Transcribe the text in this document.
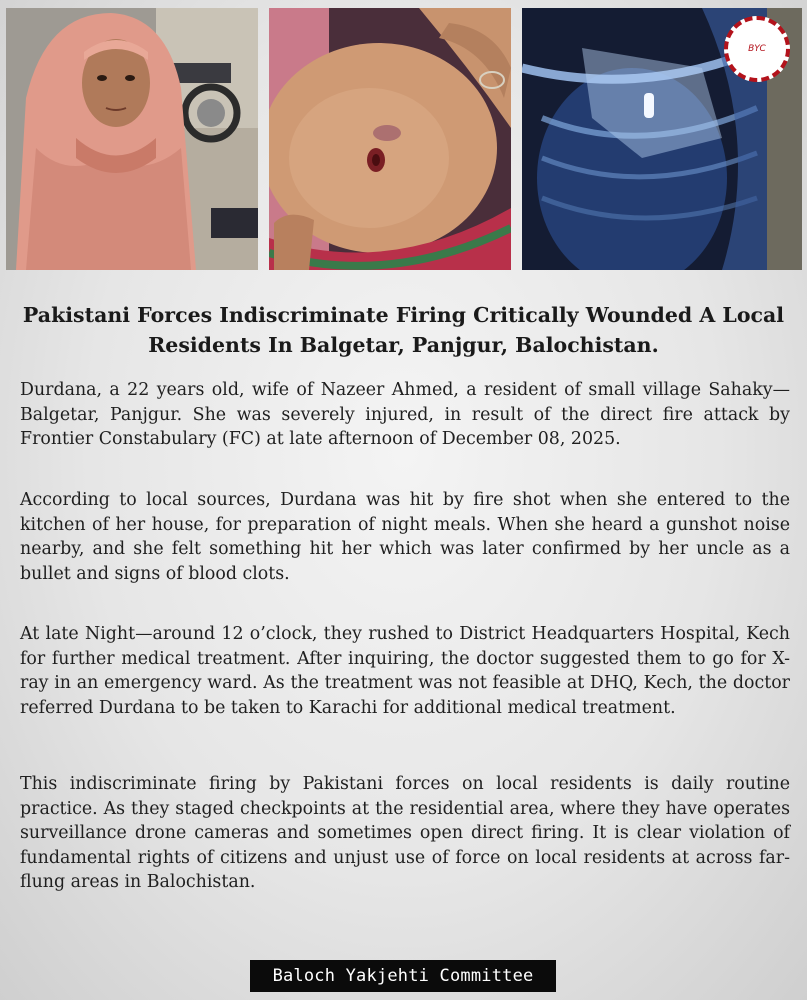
BYC
Pakistani Forces Indiscriminate Firing Critically Wounded A Local Residents In Balgetar, Panjgur, Balochistan.

Durdana, a 22 years old, wife of Nazeer Ahmed, a resident of small village Sahaky—Balgetar, Panjgur. She was severely injured, in result of the direct fire attack by Frontier Constabulary (FC) at late afternoon of December 08, 2025.

According to local sources, Durdana was hit by fire shot when she entered to the kitchen of her house, for preparation of night meals. When she heard a gunshot noise nearby, and she felt something hit her which was later confirmed by her uncle as a bullet and signs of blood clots.

At late Night—around 12 o’clock, they rushed to District Headquarters Hospital, Kech for further medical treatment. After inquiring, the doctor suggested them to go for X-ray in an emergency ward. As the treatment was not feasible at DHQ, Kech, the doctor referred Durdana to be taken to Karachi for additional medical treatment.

This indiscriminate firing by Pakistani forces on local residents is daily routine practice. As they staged checkpoints at the residential area, where they have operates surveillance drone cameras and sometimes open direct firing. It is clear violation of fundamental rights of citizens and unjust use of force on local residents at across far-flung areas in Balochistan.

Baloch Yakjehti Committee
